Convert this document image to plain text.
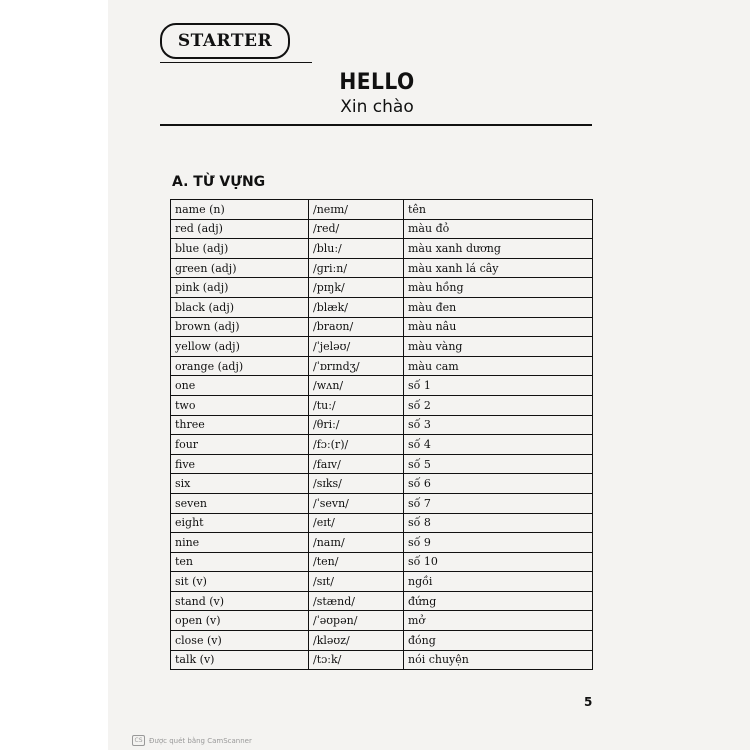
STARTER
HELLO
Xin chào
A. TỪ VỰNG
name (n)	/neɪm/	tên
red (adj)	/red/	màu đỏ
blue (adj)	/bluː/	màu xanh dương
green (adj)	/ɡriːn/	màu xanh lá cây
pink (adj)	/pɪŋk/	màu hồng
black (adj)	/blæk/	màu đen
brown (adj)	/braʊn/	màu nâu
yellow (adj)	/ˈjeləʊ/	màu vàng
orange (adj)	/ˈɒrɪndʒ/	màu cam
one	/wʌn/	số 1
two	/tuː/	số 2
three	/θriː/	số 3
four	/fɔː(r)/	số 4
five	/faɪv/	số 5
six	/sɪks/	số 6
seven	/ˈsevn/	số 7
eight	/eɪt/	số 8
nine	/naɪn/	số 9
ten	/ten/	số 10
sit (v)	/sɪt/	ngồi
stand (v)	/stænd/	đứng
open (v)	/ˈəʊpən/	mở
close (v)	/kləʊz/	đóng
talk (v)	/tɔːk/	nói chuyện
5
CS Được quét bằng CamScanner
